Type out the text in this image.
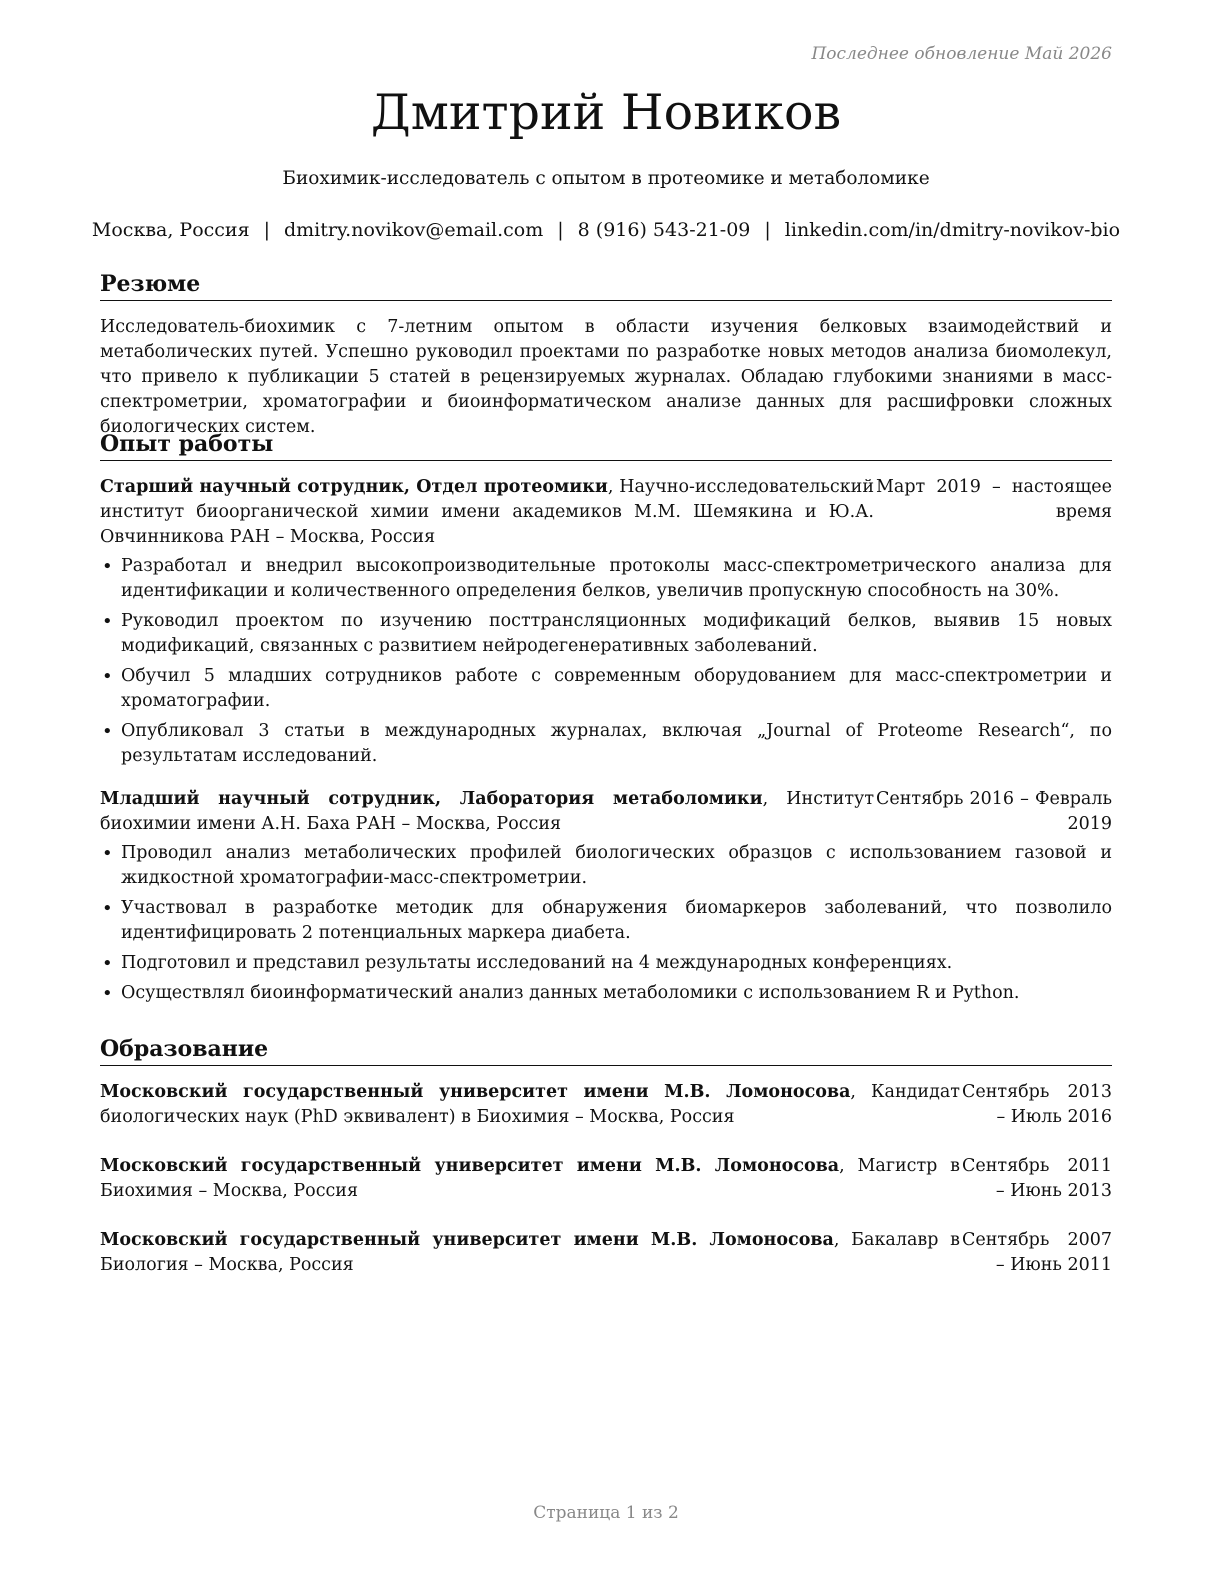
Последнее обновление Май 2026
Дмитрий Новиков
Биохимик-исследователь с опытом в протеомике и метаболомике
Москва, Россия | dmitry.novikov@email.com | 8 (916) 543-21-09 | linkedin.com/in/dmitry-novikov-bio
Резюме
Исследователь-биохимик с 7-летним опытом в области изучения белковых взаимодействий и метаболических путей. Успешно руководил проектами по разработке новых методов анализа биомолекул, что привело к публикации 5 статей в рецензируемых журналах. Обладаю глубокими знаниями в масс-спектрометрии, хроматографии и биоинформатическом анализе данных для расшифровки сложных биологических систем.
Опыт работы
Старший научный сотрудник, Отдел протеомики, Научно-исследовательский институт биоорганической химии имени академиков М.М. Шемякина и Ю.А. Овчинникова РАН – Москва, Россия
Март 2019 – настоящее время
• Разработал и внедрил высокопроизводительные протоколы масс-спектрометрического анализа для идентификации и количественного определения белков, увеличив пропускную способность на 30%.
• Руководил проектом по изучению посттрансляционных модификаций белков, выявив 15 новых модификаций, связанных с развитием нейродегенеративных заболеваний.
• Обучил 5 младших сотрудников работе с современным оборудованием для масс-спектрометрии и хроматографии.
• Опубликовал 3 статьи в международных журналах, включая „Journal of Proteome Research“, по результатам исследований.
Младший научный сотрудник, Лаборатория метаболомики, Институт биохимии имени А.Н. Баха РАН – Москва, Россия
Сентябрь 2016 – Февраль 2019
• Проводил анализ метаболических профилей биологических образцов с использованием газовой и жидкостной хроматографии-масс-спектрометрии.
• Участвовал в разработке методик для обнаружения биомаркеров заболеваний, что позволило идентифицировать 2 потенциальных маркера диабета.
• Подготовил и представил результаты исследований на 4 международных конференциях.
• Осуществлял биоинформатический анализ данных метаболомики с использованием R и Python.
Образование
Московский государственный университет имени М.В. Ломоносова, Кандидат биологических наук (PhD эквивалент) в Биохимия – Москва, Россия
Сентябрь 2013 – Июль 2016
Московский государственный университет имени М.В. Ломоносова, Магистр в Биохимия – Москва, Россия
Сентябрь 2011 – Июнь 2013
Московский государственный университет имени М.В. Ломоносова, Бакалавр в Биология – Москва, Россия
Сентябрь 2007 – Июнь 2011
Страница 1 из 2
